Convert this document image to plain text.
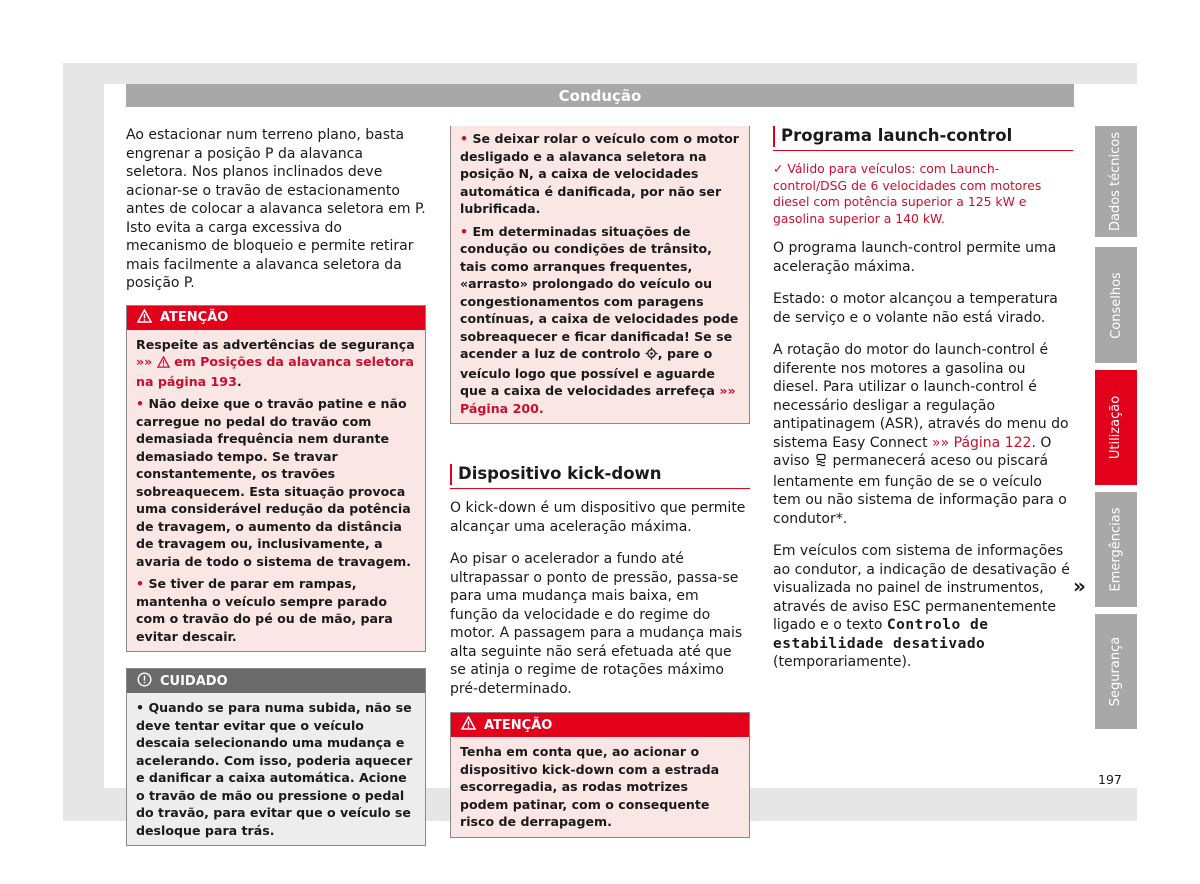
Condução

Ao estacionar num terreno plano, basta engrenar a posição P da alavanca seletora. Nos planos inclinados deve acionar-se o travão de estacionamento antes de colocar a alavanca seletora em P. Isto evita a carga excessiva do mecanismo de bloqueio e permite retirar mais facilmente a alavanca seletora da posição P.

ATENÇÃO

Respeite as advertências de segurança »» em Posições da alavanca seletora na página 193.

• Não deixe que o travão patine e não carregue no pedal do travão com demasiada frequência nem durante demasiado tempo. Se travar constantemente, os travões sobreaquecem. Esta situação provoca uma considerável redução da potência de travagem, o aumento da distância de travagem ou, inclusivamente, a avaria de todo o sistema de travagem.

• Se tiver de parar em rampas, mantenha o veículo sempre parado com o travão do pé ou de mão, para evitar descair.

CUIDADO

• Quando se para numa subida, não se deve tentar evitar que o veículo descaia selecionando uma mudança e acelerando. Com isso, poderia aquecer e danificar a caixa automática. Acione o travão de mão ou pressione o pedal do travão, para evitar que o veículo se desloque para trás.

• Se deixar rolar o veículo com o motor desligado e a alavanca seletora na posição N, a caixa de velocidades automática é danificada, por não ser lubrificada.

• Em determinadas situações de condução ou condições de trânsito, tais como arranques frequentes, «arrasto» prolongado do veículo ou congestionamentos com paragens contínuas, a caixa de velocidades pode sobreaquecer e ficar danificada! Se se acender a luz de controlo , pare o veículo logo que possível e aguarde que a caixa de velocidades arrefeça »» Página 200.

Dispositivo kick-down

O kick-down é um dispositivo que permite alcançar uma aceleração máxima.

Ao pisar o acelerador a fundo até ultrapassar o ponto de pressão, passa-se para uma mudança mais baixa, em função da velocidade e do regime do motor. A passagem para a mudança mais alta seguinte não será efetuada até que se atinja o regime de rotações máximo pré-determinado.

ATENÇÃO

Tenha em conta que, ao acionar o dispositivo kick-down com a estrada escorregadia, as rodas motrizes podem patinar, com o consequente risco de derrapagem.

Programa launch-control

✓ Válido para veículos: com Launch-control/DSG de 6 velocidades com motores diesel com potência superior a 125 kW e gasolina superior a 140 kW.

O programa launch-control permite uma aceleração máxima.

Estado: o motor alcançou a temperatura de serviço e o volante não está virado.

A rotação do motor do launch-control é diferente nos motores a gasolina ou diesel. Para utilizar o launch-control é necessário desligar a regulação antipatinagem (ASR), através do menu do sistema Easy Connect »» Página 122. O aviso permanecerá aceso ou piscará lentamente em função de se o veículo tem ou não sistema de informação para o condutor*.

Em veículos com sistema de informações ao condutor, a indicação de desativação é visualizada no painel de instrumentos, através de aviso ESC permanentemente ligado e o texto Controlo de estabilidade desativado (temporariamente).

»
Dados técnicos
Conselhos
Utilização
Emergências
Segurança
197
